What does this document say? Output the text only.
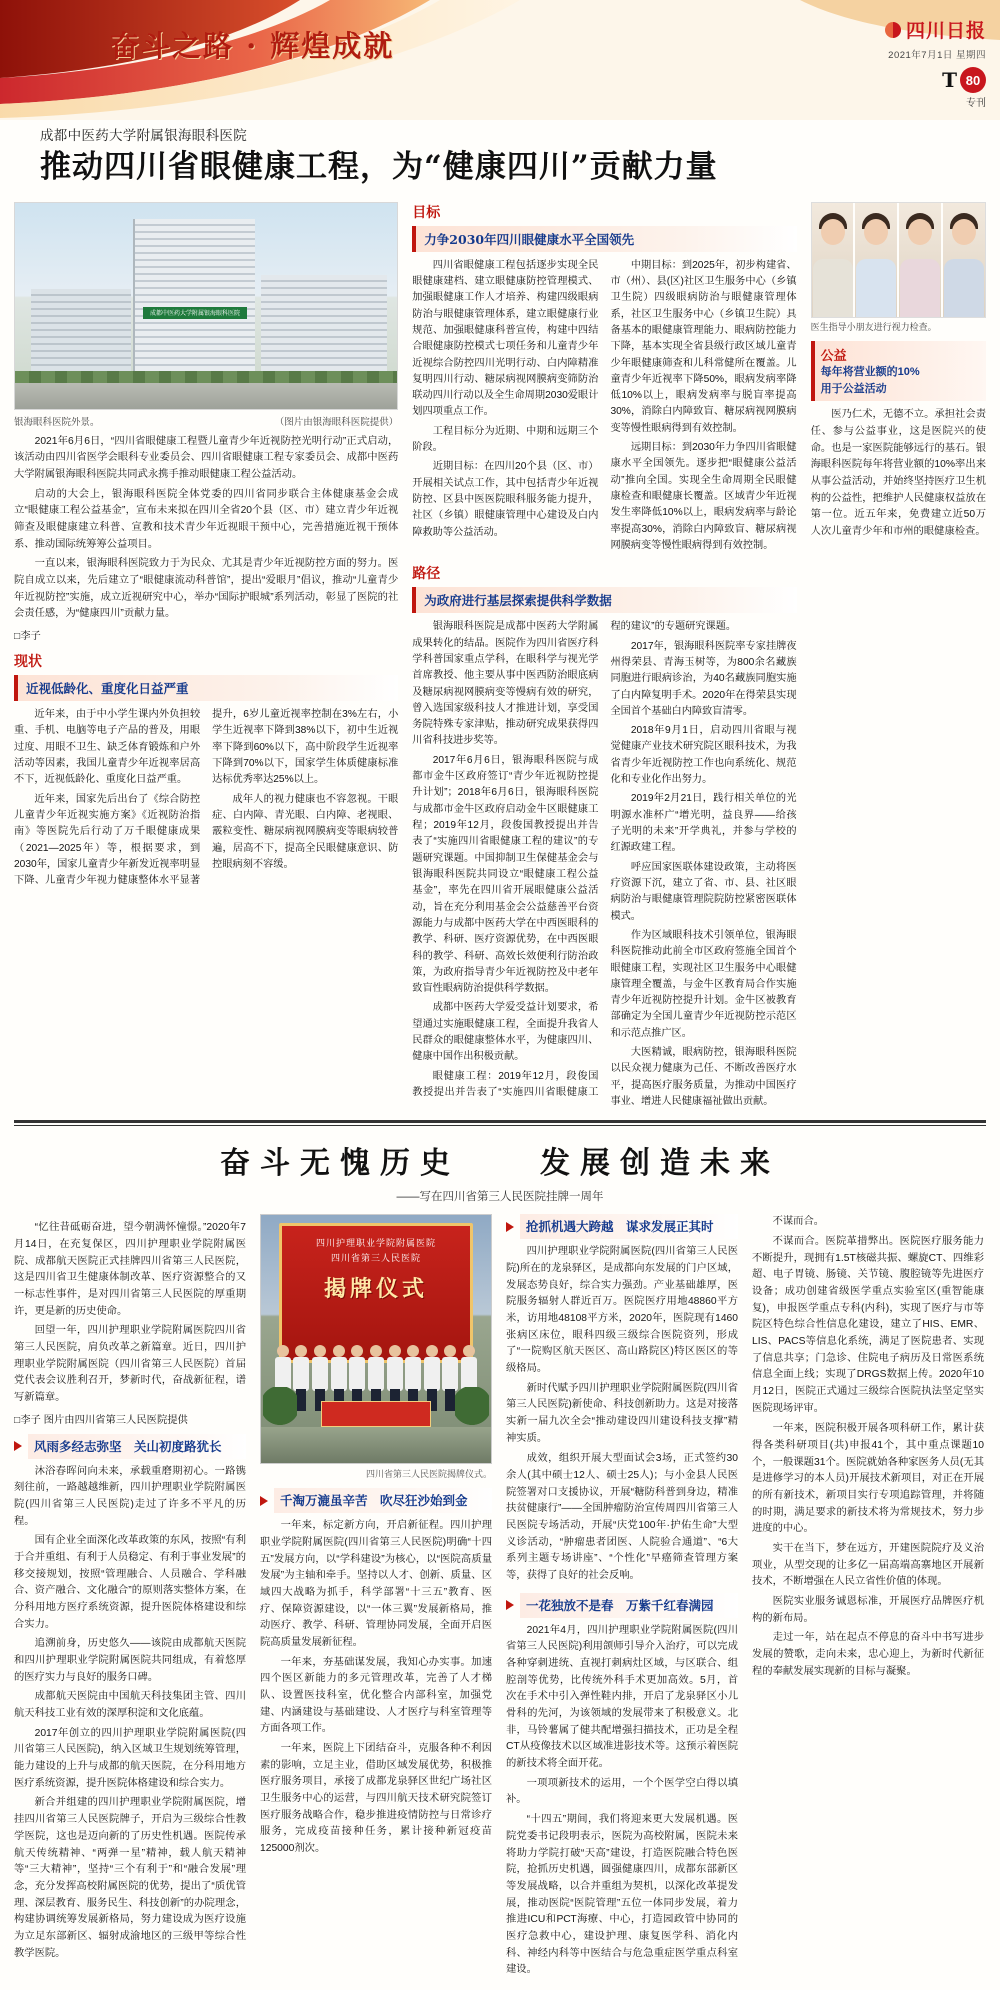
奋斗之路 · 辉煌成就	四川日报
2021年7月1日 星期四
T 80
专刊
成都中医药大学附属银海眼科医院
推动四川省眼健康工程，为“健康四川”贡献力量
成都中医药大学附属银海眼科医院
银海眼科医院外景。	（图片由银海眼科医院提供）

2021年6月6日，“四川省眼健康工程暨儿童青少年近视防控光明行动”正式启动，该活动由四川省医学会眼科专业委员会、四川省眼健康工程专家委员会、成都中医药大学附属银海眼科医院共同武永携手推动眼健康工程公益活动。

启动的大会上，银海眼科医院全体党委的四川省同步联合主体健康基金会成立“眼健康工程公益基金”，宣布未来拟在四川全省20个县（区、市）建立青少年近视筛查及眼健康建立科普、宣教和技术青少年近视眼干预中心，完善措施近视干预体系、推动国际统筹筹公益项目。

一直以来，银海眼科医院致力于为民众、尤其是青少年近视防控方面的努力。医院自成立以来，先后建立了“眼健康流动科普馆”，提出“爱眼月”倡议，推动“儿童青少年近视防控”实施，成立近视研究中心，举办“国际护眼城”系列活动，彰显了医院的社会责任感，为“健康四川”贡献力量。

□李子
现状
近视低龄化、重度化日益严重

近年来，由于中小学生课内外负担较重、手机、电脑等电子产品的普及，用眼过度、用眼不卫生、缺乏体育锻炼和户外活动等因素，我国儿童青少年近视率居高不下，近视低龄化、重度化日益严重。

近年来，国家先后出台了《综合防控儿童青少年近视实施方案》《近视防治指南》等医院先后行动了万千眼健康成果（2021—2025年）等，根据要求，到2030年，国家儿童青少年新发近视率明显下降、儿童青少年视力健康整体水平显著提升，6岁儿童近视率控制在3%左右，小学生近视率下降到38%以下，初中生近视率下降到60%以下，高中阶段学生近视率下降到70%以下，国家学生体质健康标准达标优秀率达25%以上。

成年人的视力健康也不容忽视。干眼症、白内障、青光眼、白内障、老视眼、霰粒变性、糖尿病视网膜病变等眼病较普遍，居高不下，提高全民眼健康意识、防控眼病刻不容缓。

目标
力争2030年四川眼健康水平全国领先

四川省眼健康工程包括逐步实现全民眼健康建档、建立眼健康防控管理模式、加强眼健康工作人才培养、构建四级眼病防治与眼健康管理体系，建立眼健康行业规范、加强眼健康科普宣传，构建中四结合眼健康防控模式七项任务和儿童青少年近视综合防控四川光明行动、白内障精准复明四川行动、糖尿病视网膜病变筛防治联动四川行动以及全生命周期2030爱眼计划四项重点工作。

工程目标分为近期、中期和远期三个阶段。

近期目标：在四川20个县（区、市）开展相关试点工作，其中包括青少年近视防控、区县中医医院眼科服务能力提升，社区（乡镇）眼健康管理中心建设及白内障救助等公益活动。

中期目标：到2025年，初步构建省、市（州）、县(区)社区卫生服务中心（乡镇卫生院）四级眼病防治与眼健康管理体系，社区卫生服务中心（乡镇卫生院）具备基本的眼健康管理能力、眼病防控能力下降，基本实现全省县级行政区域儿童青少年眼健康筛查和儿科常健所在覆盖。儿童青少年近视率下降50%，眼病发病率降低10%以上，眼病发病率与脱盲率提高30%，消除白内障致盲、糖尿病视网膜病变等慢性眼病得到有效控制。

远期目标：到2030年力争四川省眼健康水平全国领先。逐步把“眼健康公益活动”推向全国。实现全生命周期全民眼健康检查和眼健康长覆盖。区域青少年近视发生率降低10%以上，眼病发病率与龄论率提高30%，消除白内障致盲、糖尿病视网膜病变等慢性眼病得到有效控制。

路径
为政府进行基层探索提供科学数据

银海眼科医院是成都中医药大学附属成果转化的结晶。医院作为四川省医疗科学科普国家重点学科，在眼科学与视光学首席教授、他主要从事中医西防治眼底病及糖尿病视网膜病变等慢病有效的研究，曾入选国家级科技人才推进计划，享受国务院特殊专家津贴，推动研究成果获得四川省科技进步奖等。

2017年6月6日，银海眼科医院与成都市金牛区政府签订“青少年近视防控提升计划”；2018年6月6日，银海眼科医院与成都市金牛区政府启动金牛区眼健康工程；2019年12月，段俊国教授提出并告表了“实施四川省眼健康工程的建议”的专题研究课题。中国抑制卫生保健基金会与银海眼科医院共同设立“眼健康工程公益基金”，率先在四川省开展眼健康公益活动，旨在充分利用基金会公益慈善平台资源能力与成都中医药大学在中西医眼科的教学、科研、医疗资源优势，在中西医眼科的教学、科研、高效长效便利行防治政策，为政府指导青少年近视防控及中老年致盲性眼病防治提供科学数据。

成都中医药大学爱受益计划要求，希望通过实施眼健康工程，全面提升我省人民群众的眼健康整体水平，为健康四川、健康中国作出积极贡献。

眼健康工程：2019年12月，段俊国教授提出并告表了“实施四川省眼健康工程的建议”的专题研究课题。

2017年，银海眼科医院率专家挂牌夜州得荣县、青海玉树等，为800余名藏族同胞进行眼病诊治，为40名藏族同胞实施了白内障复明手术。2020年在得荣县实现全国首个基础白内障致盲清零。

2018年9月1日，启动四川省眼与视觉健康产业技术研究院区眼科技术，为我省青少年近视防控工作也向系统化、规范化和专业化作出努力。

2019年2月21日，践行相关单位的光明源水准杯广“增光明，益良界——给孩子光明的未来”开学典礼，并参与学校的红源政建工程。

呼应国家医联体建设政策，主动将医疗资源下沉，建立了省、市、县、社区眼病防治与眼健康管理院院防控紧密医联体模式。

作为区域眼科技术引领单位，银海眼科医院推动此前全市区政府签施全国首个眼健康工程，实现社区卫生服务中心眼健康管理全覆盖，与金牛区教育局合作实施青少年近视防控提升计划。金牛区被教育部确定为全国儿童青少年近视防控示范区和示范点推广区。

大医精诚，眼病防控，银海眼科医院以民众视力健康为己任、不断改善医疗水平，提高医疗服务质量，为推动中国医疗事业、增进人民健康福祉做出贡献。

医生指导小朋友进行视力检查。
公益
每年将营业额的10%
用于公益活动

医乃仁术，无德不立。承担社会责任、参与公益事业，这是医院兴的使命。也是一家医院能够远行的基石。银海眼科医院每年将营业额的10%率出来从事公益活动，并始终坚持医疗卫生机构的公益性，把维护人民健康权益放在第一位。近五年来，免费建立近50万人次儿童青少年和市州的眼健康检查。

奋斗无愧历史　　发展创造未来
——写在四川省第三人民医院挂牌一周年

“忆往昔砥砺奋进，望今朝满怀憧憬。”2020年7月14日，在充复保区，四川护理职业学院附属医院、成都航天医院正式挂牌四川省第三人民医院，这是四川省卫生健康体制改革、医疗资源整合的又一标志性事件，是对四川省第三人民医院的厚重期许，更是新的历史使命。

回望一年，四川护理职业学院附属医院四川省第三人民医院，肩负改革之新篇章。近日，四川护理职业学院附属医院（四川省第三人民医院）首届党代表会议胜利召开，梦新时代，奋战新征程，谱写新篇章。

□李子 图片由四川省第三人民医院提供
风雨多经志弥坚　关山初度路犹长

沐浴春晖问向未来，承载重磨期初心。一路镌刻往前，一路越越维新，四川护理职业学院附属医院(四川省第三人民医院)走过了许多不平凡的历程。

国有企业全面深化改革政策的东风，按照“有利于合并重组、有利于人员稳定、有利于事业发展”的移交接规划，按照“管理融合、人员融合、学科融合、资产融合、文化融合”的原则落实整体方案，在分科用地方医疗系统资源，提升医院体格建设和综合实力。

追溯前身，历史悠久——该院由成都航天医院和四川护理职业学院附属医院共同组成，有着悠厚的医疗实力与良好的服务口碑。

成都航天医院由中国航天科技集团主管、四川航天科技工业有效的深厚积淀和文化底蕴。

2017年创立的四川护理职业学院附属医院(四川省第三人民医院)，纳入区域卫生规划统筹管理，能力建设的上升与成都的航天医院，在分科用地方医疗系统资源，提升医院体格建设和综合实力。

新合并组建的四川护理职业学院附属医院，增挂四川省第三人民医院牌子，开启为三级综合性教学医院，这也是迈向新的了历史性机遇。医院传承航天传统精神、“两弹一星”精神，载人航天精神等“三大精神”，坚持“三个有利于”和“融合发展”理念，充分发挥高校附属医院的优势，提出了“质优管理、深层教育、服务民生、科技创新”的办院理念，构建协调统筹发展新格局，努力建设成为医疗设施为立足东部新区、辐射成渝地区的三级甲等综合性教学医院。

四川护理职业学院附属医院
四川省第三人民医院
揭牌仪式
四川省第三人民医院揭牌仪式。
千淘万漉虽辛苦　吹尽狂沙始到金

一年来，标定新方向，开启新征程。四川护理职业学院附属医院(四川省第三人民医院)明确“十四五”发展方向，以“学科建设”为核心，以“医院高质量发展”为主轴和牵手。坚持以人才、创新、质量、区域四大战略为抓手，科学部署“十三五”教育、医疗、保障资源建设，以“一体三翼”发展新格局，推动医疗、教学、科研、管理协同发展，全面开启医院高质量发展新征程。

一年来，夯基础谋发展，我知心办实事。加速四个医区新能力的多元管理改革，完善了人才梯队、设置医技科室，优化整合内部科室，加强党建、内涵建设与基础建设、人才医疗与科室管理等方面各项工作。

一年来，医院上下团结奋斗，克服各种不利因素的影响，立足主业，借助区域发展优势，积极推医疗服务项目，承接了成都龙泉驿区世纪广场社区卫生服务中心的运营，与四川航天技术研究院签订医疗服务战略合作，稳步推进疫情防控与日常诊疗服务，完成疫苗接种任务，累计接种新冠疫苗125000剂次。

抢抓机遇大跨越　谋求发展正其时

四川护理职业学院附属医院(四川省第三人民医院)所在的龙泉驿区，是成都向东发展的门户区域，发展态势良好，综合实力强劲。产业基础雄厚，医院服务辐射人群近百万。医院医疗用地48860平方米，访用地48108平方米，2020年，医院现有1460张病区床位，眼科四级三级综合医院资列，形成了“一院购区航天医区、高山路院区)特区医区的等级格局。

新时代赋予四川护理职业学院附属医院(四川省第三人民医院)新使命、科技创新助力。这是对接落实新一届九次全会“推动建设四川建设科技支撑”精神实质。

成效，组织开展大型面试会3场，正式签约30余人(其中硕士12人、硕士25人)；与小金县人民医院签署对口支援协议，开展“糖防科普到身边，精准扶贫健康行”——全国肿瘤防治宣传周四川省第三人民医院专场活动，开展“庆党100年·护佑生命”大型义诊活动，“肿瘤患者团医、人院验合通道”、“6大系列主题专场讲座”、“个性化”早癌筛查管理方案等，获得了良好的社会反响。

一花独放不是春　万紫千红春满园

2021年4月，四川护理职业学院附属医院(四川省第三人民医院)利用颌师引导介入治疗，可以完成各种穿刺进统、直视打刺病灶区域，与区联合、组腔剖等优势，比传统外科手术更加高效。5月，首次在手术中引入弹性鞋内排，开启了龙泉驿区小儿骨科的先河，为该领域的发展带来了积极意义。北非，马铃薯属了健共配增强扫描技术，正功是全程CT从疫像技术以区域准进影技术等。这预示着医院的新技术将全面开花。

一项项新技术的运用，一个个医学空白得以填补。

“十四五”期间，我们将迎来更大发展机遇。医院党委书记段明表示，医院为高校附属，医院未来将助力学院打破“天高”建设，打造医院融合特色医院，抢抓历史机遇，圆强健康四川，成都东部新区等发展战略，以合并重组为契机，以深化改革提发展，推动医院“医院管理”五位一体同步发展，着力推进ICU和РСТ海療、中心，打造园政管中协同的医疗急救中心，建设护理、康复医学科、消化内科、神经内科等中医结合与危急重症医学重点科室建设。

不谋而合。

不谋而合。医院革措弊出。医院医疗服务能力不断提升，现拥有1.5T核磁共振、螺旋CT、四维彩超、电子胃镜、肠镜、关节镜、腹腔镜等先进医疗设备；成功创建省级医学重点实验室区(重智能康复)，申报医学重点专科(内科)，实现了医疗与市等院区特色综合性信息化建设，建立了HIS、EMR、LIS、PACS等信息化系统，满足了医院患者、实现了信息共享；门急诊、住院电子病历及日常医系统信息全面上线；实现了DRGS数据上传。2020年10月12日，医院正式通过三级综合医院执法坚定坚实医院现场评审。

一年来，医院积极开展各项科研工作，累计获得各类科研项目(共)申报41个，其中重点课题10个，一般课题31个。医院就始各种家医务人员(无其是进修学习的本人员)开展技术新项目，对正在开展的所有新技术，新项目实行专项追踪管理，并将随的时期，满足要求的新技术将为常规技术，努力步进度的中心。

实干在当下，梦在远方，开建医院院疗及义治项业，从型交现的让多亿一届高端高寨地区开展新技术，不断增强在人民立省性价值的体现。

医院实业服务诚恩标准，开展医疗品牌医疗机构的新布局。

走过一年，站在起点不停息的奋斗中书写进步发展的赞歌，走向未来，忠心迎上，为新时代新征程的奉献发展实现新的目标与凝聚。
